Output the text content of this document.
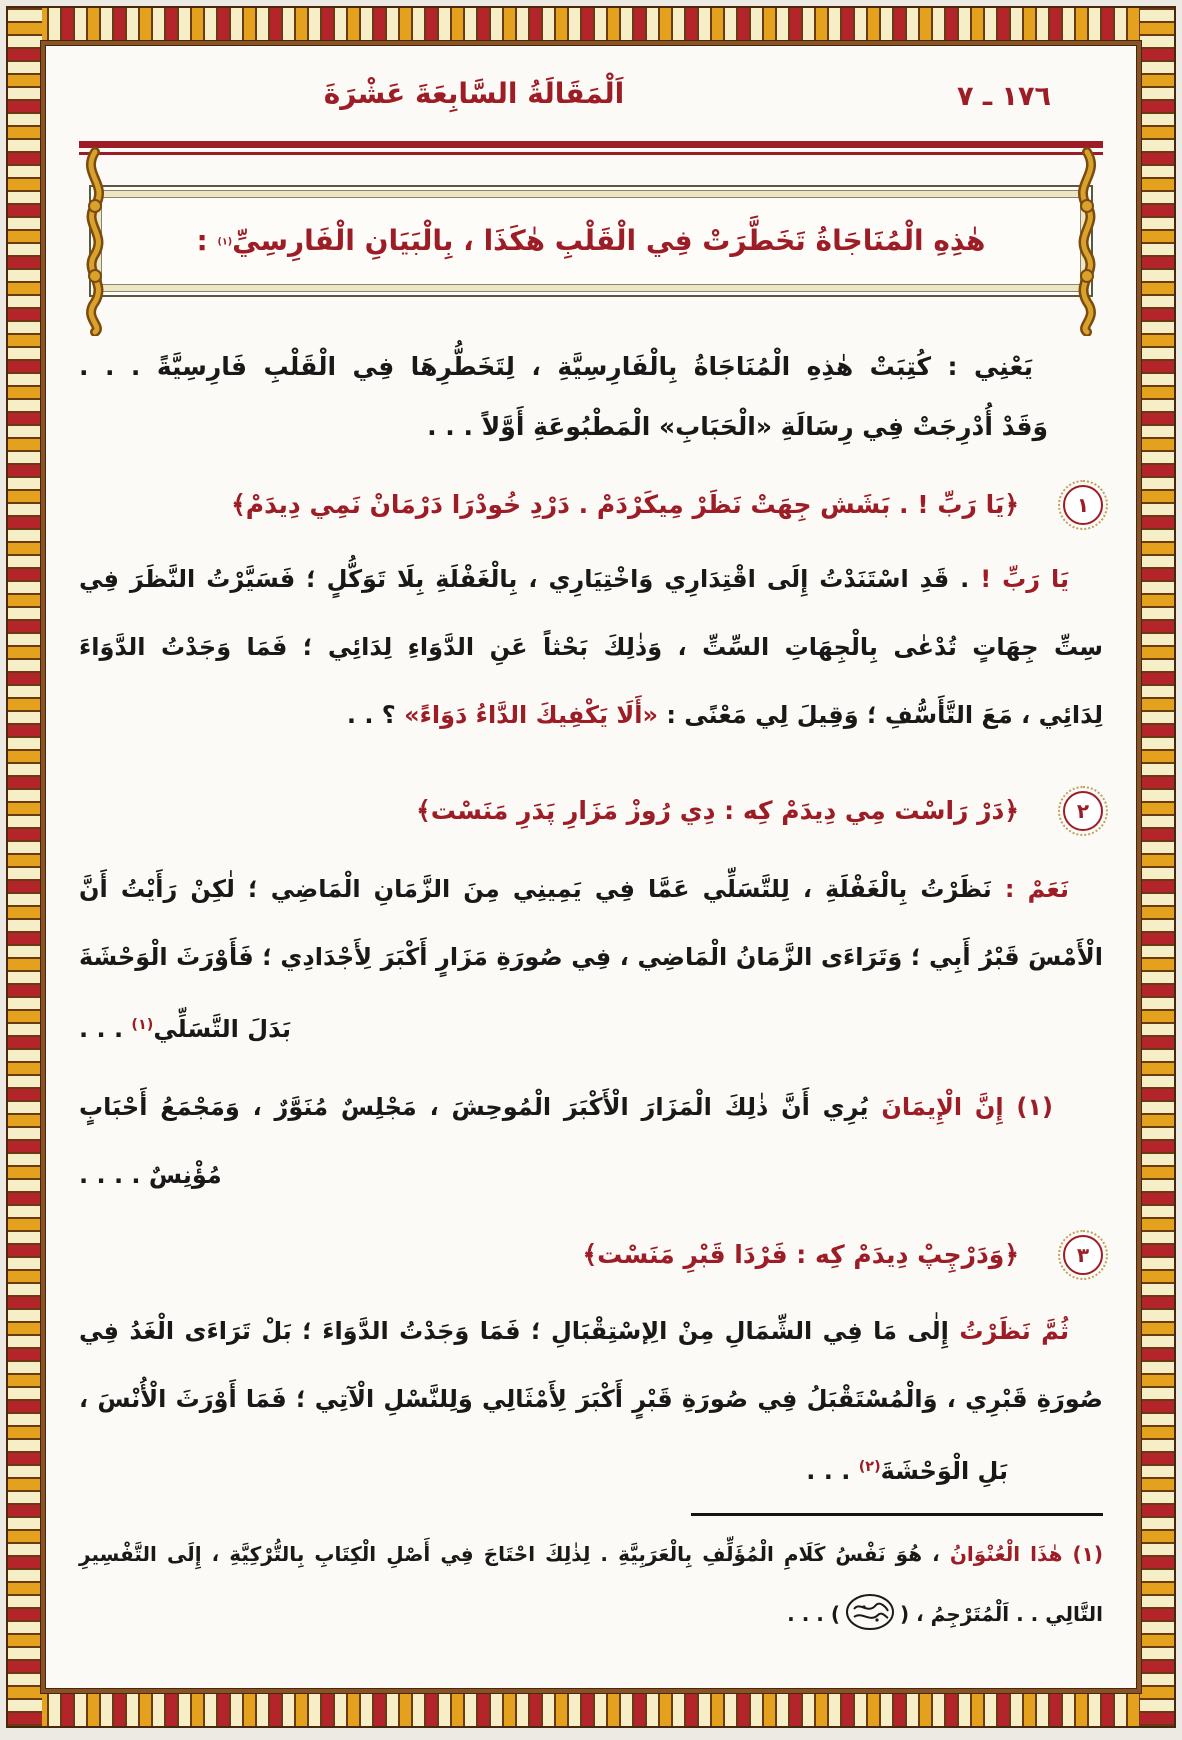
١٧٦ ـ ٧
اَلْمَقَالَةُ السَّابِعَةَ عَشْرَةَ
هٰذِهِ الْمُنَاجَاةُ تَخَطَّرَتْ فِي الْقَلْبِ هٰكَذَا ، بِالْبَيَانِ الْفَارِسِيِّ$^{(١)}$ :
يَعْنِي : كُتِبَتْ هٰذِهِ الْمُنَاجَاةُ بِالْفَارِسِيَّةِ ، لِتَخَطُّرِهَا فِي الْقَلْبِ فَارِسِيَّةً . . .
وَقَدْ أُدْرِجَتْ فِي رِسَالَةِ «الْحَبَابِ» الْمَطْبُوعَةِ أَوَّلاً . . .
١
﴿يَا رَبِّ ! . بَشَش جِهَتْ نَظَرْ مِيكَرْدَمْ . دَرْدِ خُودْرَا دَرْمَانْ نَمِي دِيدَمْ﴾
يَا رَبِّ ! . قَدِ اسْتَنَدْتُ إِلَى اقْتِدَارِي وَاخْتِيَارِي ، بِالْغَفْلَةِ بِلَا تَوَكُّلٍ ؛ فَسَيَّرْتُ النَّظَرَ فِي
سِتِّ جِهَاتٍ تُدْعٰى بِالْجِهَاتِ السِّتِّ ، وَذٰلِكَ بَحْثاً عَنِ الدَّوَاءِ لِدَائِي ؛ فَمَا وَجَدْتُ الدَّوَاءَ
لِدَائِي ، مَعَ التَّأَسُّفِ ؛ وَقِيلَ لِي مَعْنًى : «أَلَا يَكْفِيكَ الدَّاءُ دَوَاءً» ؟ . .
٢
﴿دَرْ رَاسْت مِي دِيدَمْ كِه : دِي رُوزْ مَزَارِ پَدَرِ مَنَسْت﴾
نَعَمْ : نَظَرْتُ بِالْغَفْلَةِ ، لِلتَّسَلِّي عَمَّا فِي يَمِينِي مِنَ الزَّمَانِ الْمَاضِي ؛ لٰكِنْ رَأَيْتُ أَنَّ
الْأَمْسَ قَبْرُ أَبِي ؛ وَتَرَاءَى الزَّمَانُ الْمَاضِي ، فِي صُورَةِ مَزَارٍ أَكْبَرَ لِأَجْدَادِي ؛ فَأَوْرَثَ الْوَحْشَةَ
بَدَلَ التَّسَلِّي$^{(١)}$ . . .
(١) إِنَّ الْإِيمَانَ يُرِي أَنَّ ذٰلِكَ الْمَزَارَ الْأَكْبَرَ الْمُوحِشَ ، مَجْلِسٌ مُنَوَّرٌ ، وَمَجْمَعُ أَحْبَابٍ
مُؤْنِسٌ . . . .
٣
﴿وَدَرْچِپْ دِيدَمْ كِه : فَرْدَا قَبْرِ مَنَسْت﴾
ثُمَّ نَظَرْتُ إِلٰى مَا فِي الشِّمَالِ مِنْ الِإسْتِقْبَالِ ؛ فَمَا وَجَدْتُ الدَّوَاءَ ؛ بَلْ تَرَاءَى الْغَدُ فِي
صُورَةِ قَبْرِي ، وَالْمُسْتَقْبَلُ فِي صُورَةِ قَبْرٍ أَكْبَرَ لِأَمْثَالِي وَلِلنَّسْلِ الْآتِي ؛ فَمَا أَوْرَثَ الْأُنْسَ ،
بَلِ الْوَحْشَةَ$^{(٢)}$ . . .
(١) هٰذَا الْعُنْوَانُ ، هُوَ نَفْسُ كَلَامِ الْمُؤَلِّفِ بِالْعَرَبِيَّةِ . لِذٰلِكَ احْتَاجَ فِي أَصْلِ الْكِتَابِ بِالتُّرْكِيَّةِ ، إِلَى التَّفْسِيرِ
التَّالِي . . اَلْمُتَرْجِمُ ، () . . .
